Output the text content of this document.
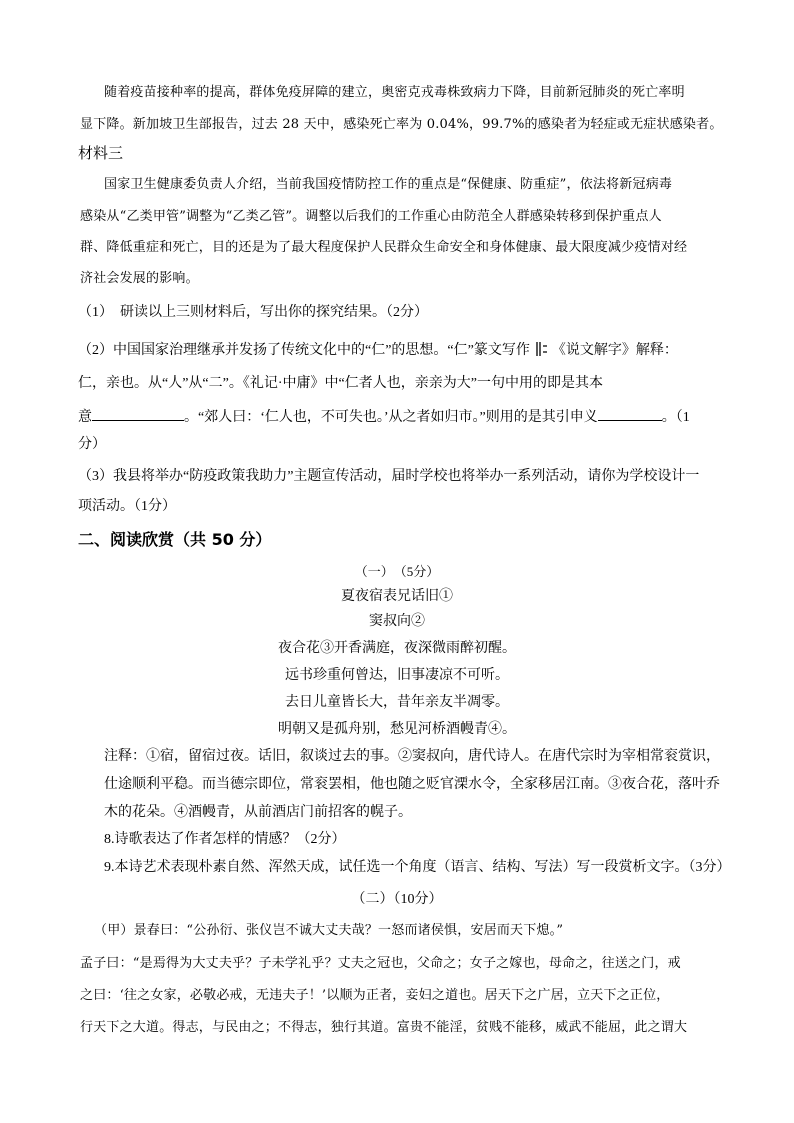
随着疫苗接种率的提高，群体免疫屏障的建立，奥密克戎毒株致病力下降，目前新冠肺炎的死亡率明
显下降。新加坡卫生部报告，过去 28 天中，感染死亡率为 0.04%，99.7%的感染者为轻症或无症状感染者。
材料三
国家卫生健康委负责人介绍，当前我国疫情防控工作的重点是“保健康、防重症”，依法将新冠病毒
感染从“乙类甲管”调整为“乙类乙管”。调整以后我们的工作重心由防范全人群感染转移到保护重点人
群、降低重症和死亡，目的还是为了最大程度保护人民群众生命安全和身体健康、最大限度减少疫情对经
济社会发展的影响。
（1）　研读以上三则材料后，写出你的探究结果。（2分）
（2）中国国家治理继承并发扬了传统文化中的“仁”的思想。“仁”篆文写作 《说文解字》解释：
仁，亲也。从“人”从“二”。《礼记·中庸》中“仁者人也，亲亲为大”一句中用的即是其本
意	。“郊人曰：‘仁人也，不可失也。’从之者如归市。”则用的是其引申义	。（1
分）
（3）我县将举办“防疫政策我助力”主题宣传活动，届时学校也将举办一系列活动，请你为学校设计一
项活动。（1分）
二、阅读欣赏（共 50 分）
（一）　（5分）
夏夜宿表兄话旧①
窦叔向②
夜合花③开香满庭，夜深微雨醉初醒。
远书珍重何曾达，旧事凄凉不可听。
去日儿童皆长大，昔年亲友半凋零。
明朝又是孤舟别，愁见河桥酒幔青④。
注释：①宿，留宿过夜。话旧，叙谈过去的事。②窦叔向，唐代诗人。在唐代宗时为宰相常衮赏识，
仕途顺利平稳。而当德宗即位，常衮罢相，他也随之贬官溧水令，全家移居江南。③夜合花，落叶乔
木的花朵。④酒幔青，从前酒店门前招客的幌子。
8.诗歌表达了作者怎样的情感？（2分）
9.本诗艺术表现朴素自然、浑然天成，试任选一个角度（语言、结构、写法）写一段赏析文字。（3分）
（二）（10分）
（甲）景春曰：“公孙衍、张仪岂不诚大丈夫哉？一怒而诸侯惧，安居而天下熄。”
孟子曰：“是焉得为大丈夫乎？子未学礼乎？丈夫之冠也，父命之；女子之嫁也，母命之，往送之门，戒
之曰：‘往之女家，必敬必戒，无违夫子！’以顺为正者，妾妇之道也。居天下之广居，立天下之正位，
行天下之大道。得志，与民由之；不得志，独行其道。富贵不能淫，贫贱不能移，威武不能屈，此之谓大
